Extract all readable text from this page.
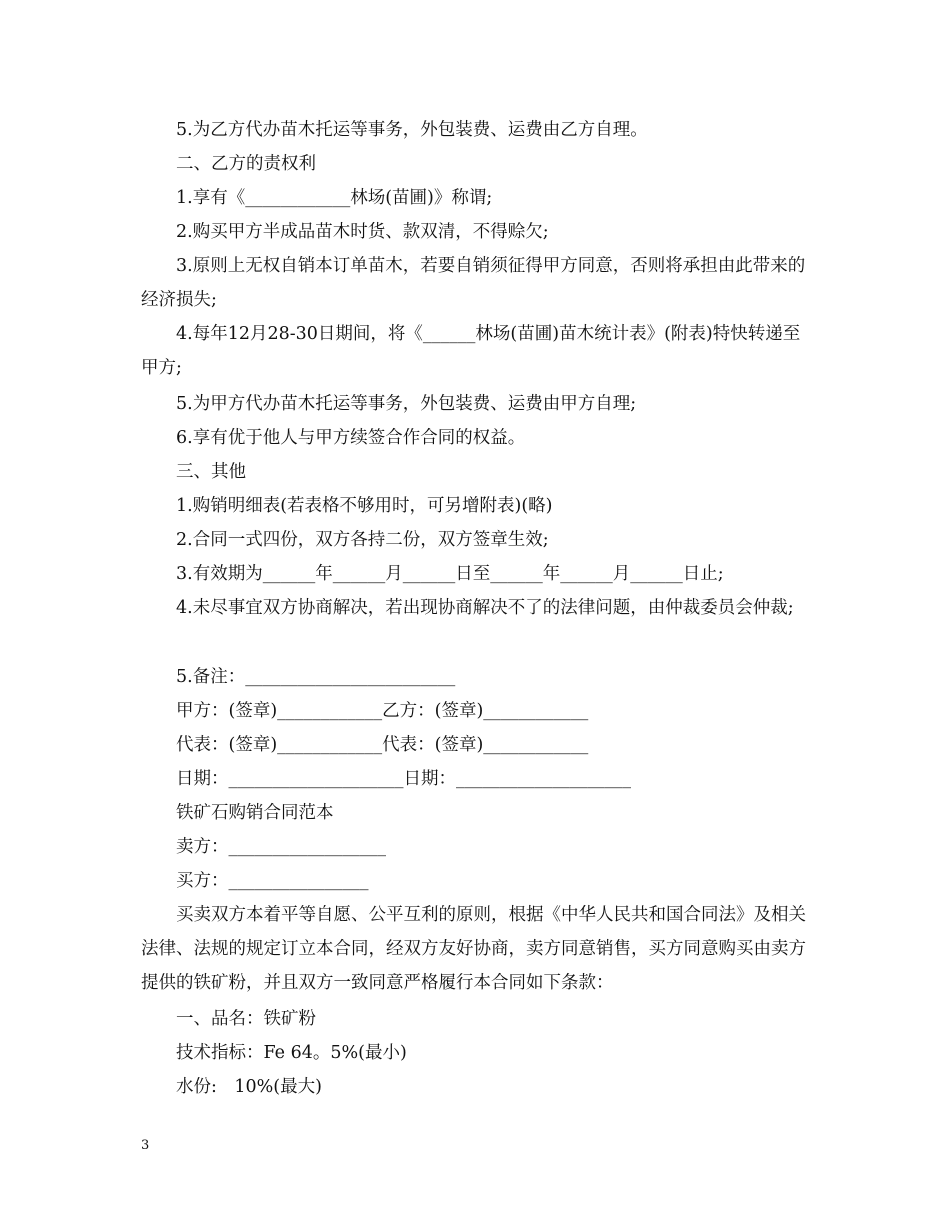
5.为乙方代办苗木托运等事务，外包装费、运费由乙方自理。
二、乙方的责权利
1.享有《____________林场(苗圃)》称谓;
2.购买甲方半成品苗木时货、款双清，不得赊欠;
3.原则上无权自销本订单苗木，若要自销须征得甲方同意，否则将承担由此带来的经济损失;
4.每年12月28-30日期间，将《______林场(苗圃)苗木统计表》(附表)特快转递至甲方;
5.为甲方代办苗木托运等事务，外包装费、运费由甲方自理;
6.享有优于他人与甲方续签合作合同的权益。
三、其他
1.购销明细表(若表格不够用时，可另增附表)(略)
2.合同一式四份，双方各持二份，双方签章生效;
3.有效期为______年______月______日至______年______月______日止;
4.未尽事宜双方协商解决，若出现协商解决不了的法律问题，由仲裁委员会仲裁;
5.备注：________________________
甲方：(签章)____________乙方：(签章)____________
代表：(签章)____________代表：(签章)____________
日期：____________________日期：____________________
铁矿石购销合同范本
卖方：__________________
买方：________________
买卖双方本着平等自愿、公平互利的原则，根据《中华人民共和国合同法》及相关法律、法规的规定订立本合同，经双方友好协商，卖方同意销售，买方同意购买由卖方提供的铁矿粉，并且双方一致同意严格履行本合同如下条款：
一、品名：铁矿粉
技术指标：Fe 64。5%(最小)
水份:　10%(最大)
3
